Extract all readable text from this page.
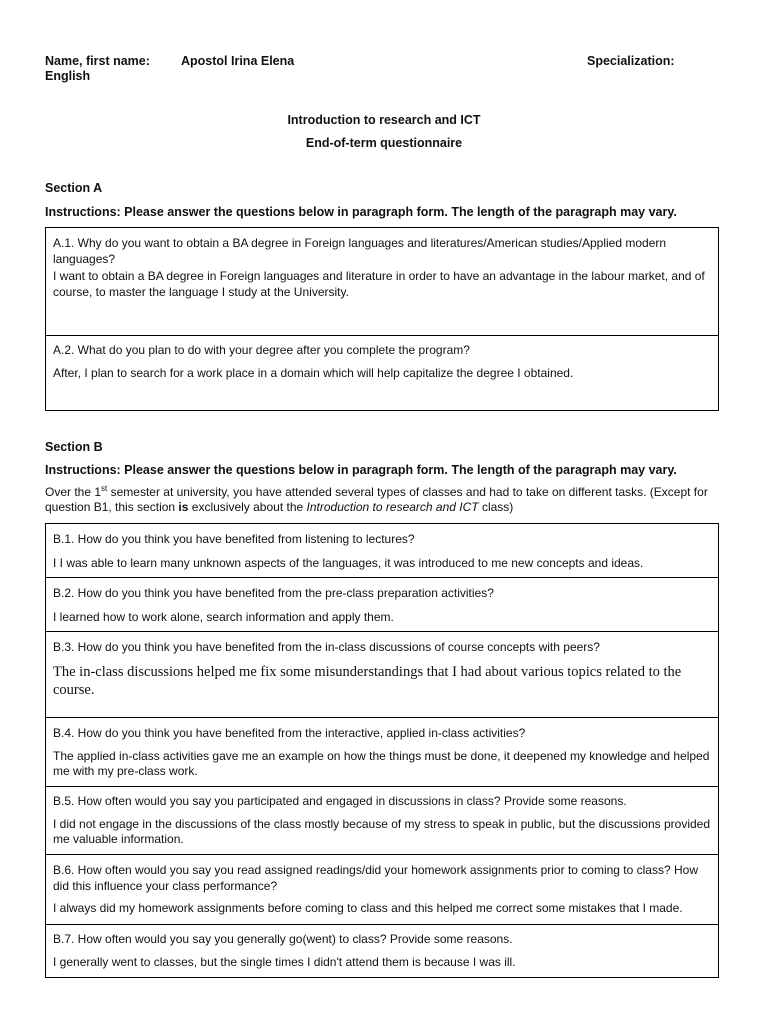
Name, first name: Apostol Irina Elena	Specialization:
English
Introduction to research and ICT
End-of-term questionnaire
Section A
Instructions: Please answer the questions below in paragraph form. The length of the paragraph may vary.
A.1. Why do you want to obtain a BA degree in Foreign languages and literatures/American studies/Applied modern languages?
I want to obtain a BA degree in Foreign languages and literature in order to have an advantage in the labour market, and of course, to master the language I study at the University.
A.2. What do you plan to do with your degree after you complete the program?
After, I plan to search for a work place in a domain which will help capitalize the degree I obtained.
Section B
Instructions: Please answer the questions below in paragraph form. The length of the paragraph may vary.
Over the 1st semester at university, you have attended several types of classes and had to take on different tasks. (Except for question B1, this section is exclusively about the Introduction to research and ICT class)
B.1. How do you think you have benefited from listening to lectures?
I I was able to learn many unknown aspects of the languages, it was introduced to me new concepts and ideas.
B.2. How do you think you have benefited from the pre-class preparation activities?
I learned how to work alone, search information and apply them.
B.3. How do you think you have benefited from the in-class discussions of course concepts with peers?
The in-class discussions helped me fix some misunderstandings that I had about various topics related to the course.
B.4. How do you think you have benefited from the interactive, applied in-class activities?
The applied in-class activities gave me an example on how the things must be done, it deepened my knowledge and helped me with my pre-class work.
B.5. How often would you say you participated and engaged in discussions in class? Provide some reasons.
I did not engage in the discussions of the class mostly because of my stress to speak in public, but the discussions provided me valuable information.
B.6. How often would you say you read assigned readings/did your homework assignments prior to coming to class? How did this influence your class performance?
I always did my homework assignments before coming to class and this helped me correct some mistakes that I made.
B.7. How often would you say you generally go(went) to class? Provide some reasons.
I generally went to classes, but the single times I didn't attend them is because I was ill.
